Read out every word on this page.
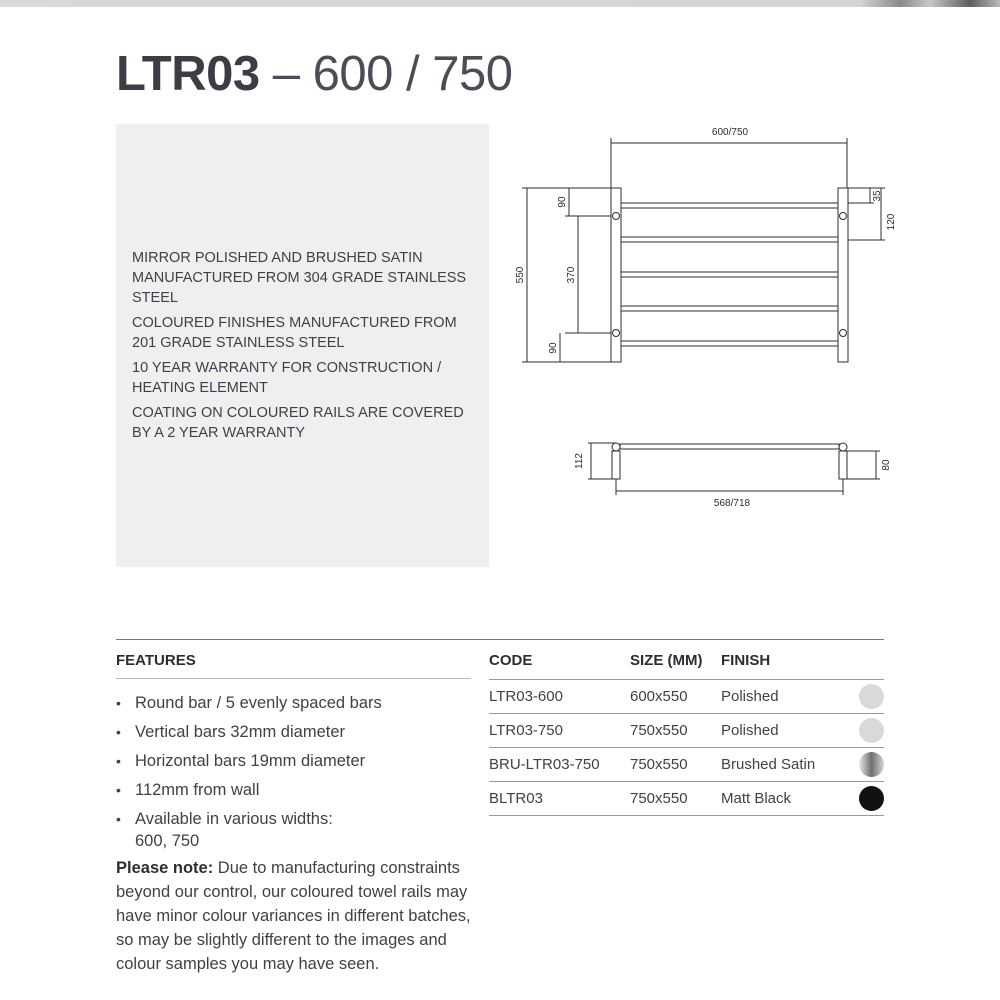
LTR03 – 600 / 750

MIRROR POLISHED AND BRUSHED SATIN MANUFACTURED FROM 304 GRADE STAINLESS STEEL

COLOURED FINISHES MANUFACTURED FROM 201 GRADE STAINLESS STEEL

10 YEAR WARRANTY FOR CONSTRUCTION / HEATING ELEMENT

COATING ON COLOURED RAILS ARE COVERED BY A 2 YEAR WARRANTY

600/750
550
90
370
90
35
120
112	80
568/718
FEATURES
• Round bar / 5 evenly spaced bars
• Vertical bars 32mm diameter
• Horizontal bars 19mm diameter
• 112mm from wall
• Available in various widths:
600, 750
Please note: Due to manufacturing constraints beyond our control, our coloured towel rails may have minor colour variances in different batches, so may be slightly different to the images and colour samples you may have seen.
CODE	SIZE (MM) FINISH
LTR03-600	600x550 Polished
LTR03-750	750x550 Polished
BRU-LTR03-750 750x550 Brushed Satin
BLTR03	750x550 Matt Black
